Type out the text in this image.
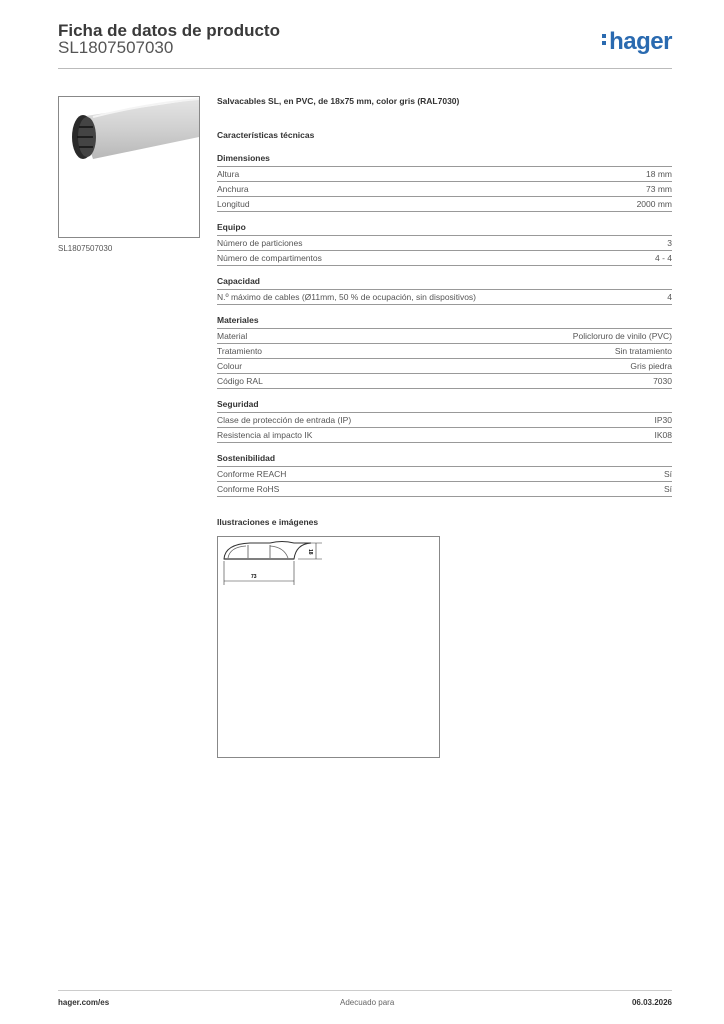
Ficha de datos de producto
SL1807507030	hager
SL1807507030
Salvacables SL, en PVC, de 18x75 mm, color gris (RAL7030)
Características técnicas
Dimensiones
Altura	18 mm
Anchura	73 mm
Longitud	2000 mm
Equipo
Número de particiones	3
Número de compartimentos	4 - 4
Capacidad
N.º máximo de cables (Ø11mm, 50 % de ocupación, sin dispositivos)	4
Materiales
Material	Policloruro de vinilo (PVC)
Tratamiento	Sin tratamiento
Colour	Gris piedra
Código RAL	7030
Seguridad
Clase de protección de entrada (IP)	IP30
Resistencia al impacto IK	IK08
Sostenibilidad
Conforme REACH	Sí
Conforme RoHS	Sí
Ilustraciones e imágenes
18
73
hager.com/es	Adecuado para	06.03.2026
